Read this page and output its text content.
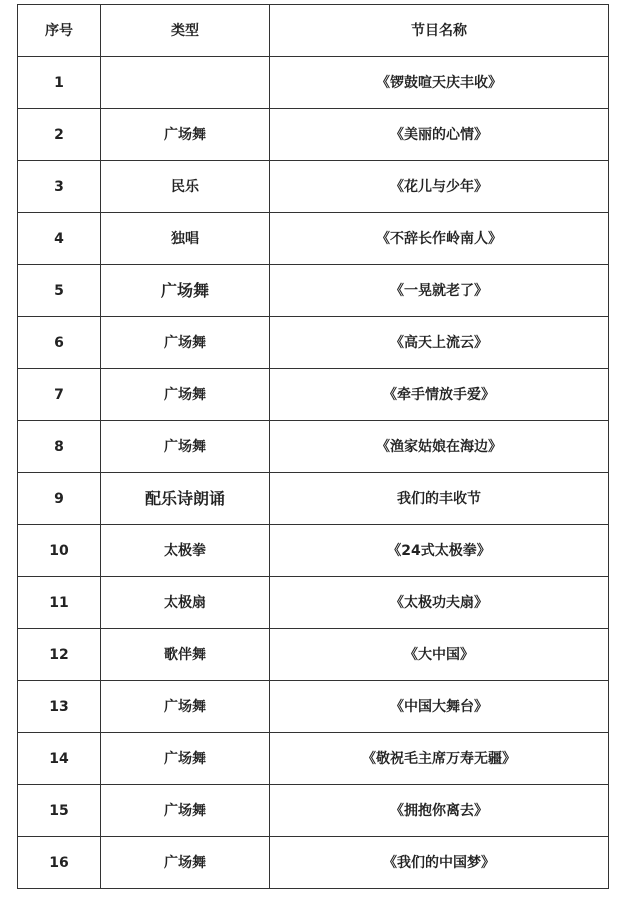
序号	类型	节目名称
1		《锣鼓喧天庆丰收》
2	广场舞	《美丽的心情》
3	民乐	《花儿与少年》
4	独唱	《不辞长作岭南人》
5	广场舞	《一晃就老了》
6	广场舞	《高天上流云》
7	广场舞	《牵手情放手爱》
8	广场舞	《渔家姑娘在海边》
9	配乐诗朗诵	我们的丰收节
10	太极拳	《24式太极拳》
11	太极扇	《太极功夫扇》
12	歌伴舞	《大中国》
13	广场舞	《中国大舞台》
14	广场舞	《敬祝毛主席万寿无疆》
15	广场舞	《拥抱你离去》
16	广场舞	《我们的中国梦》
